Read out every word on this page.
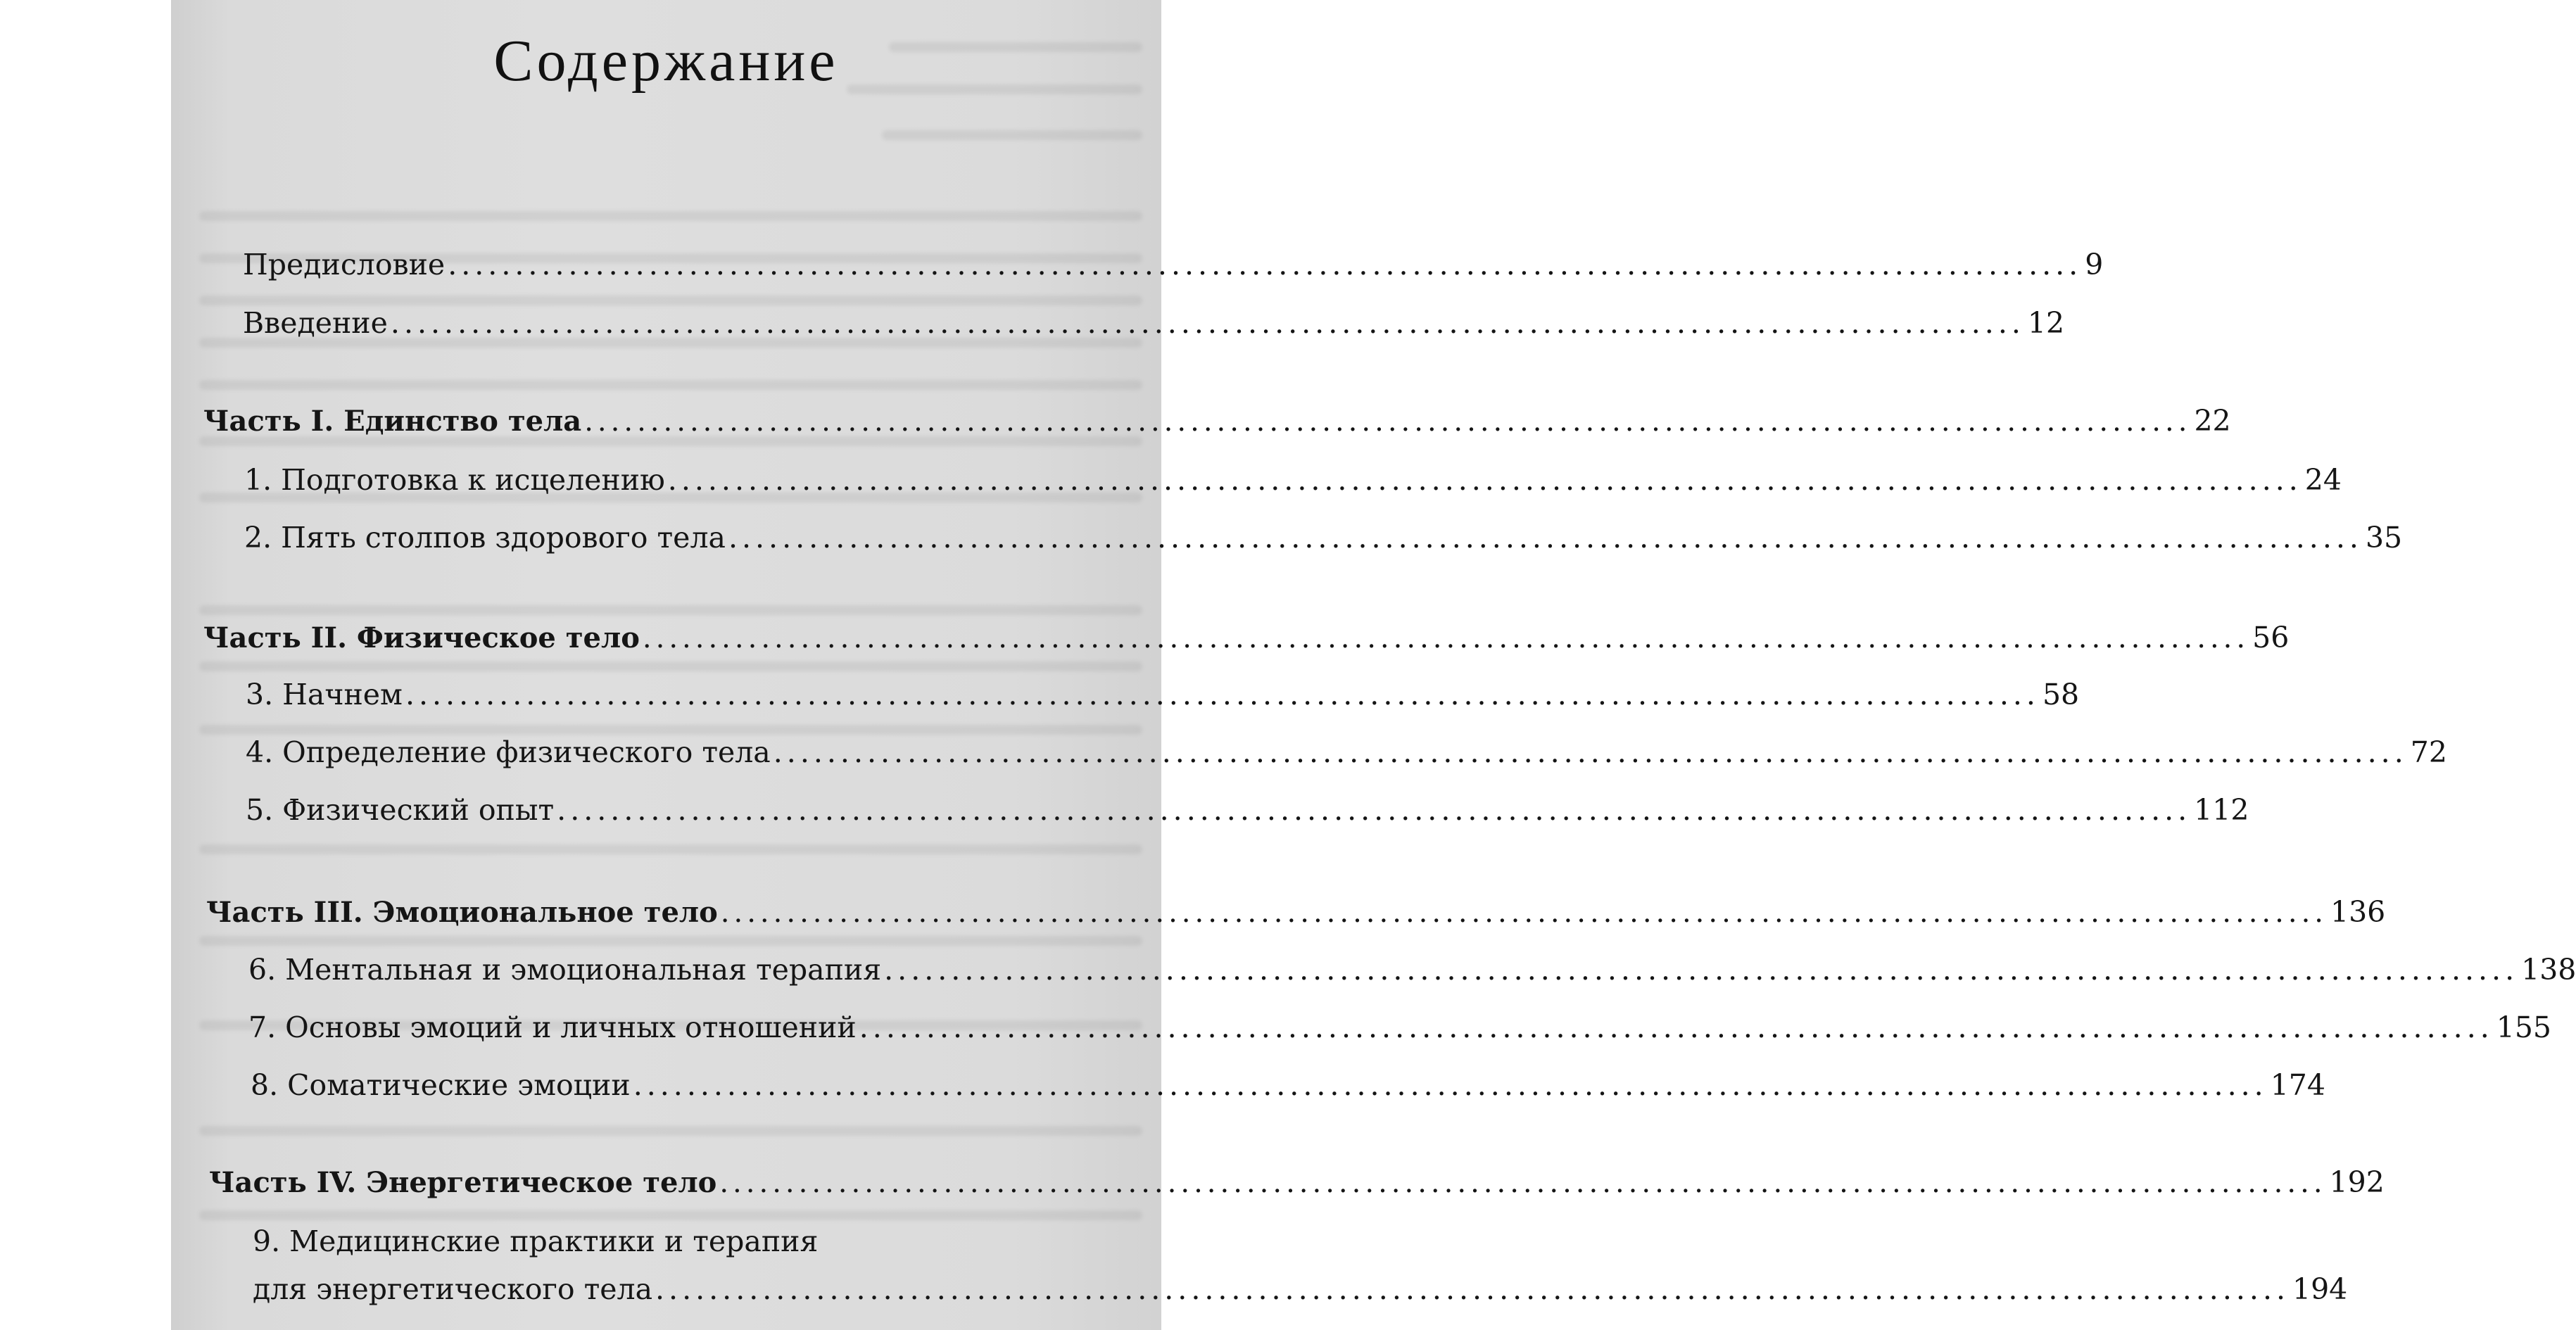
Содержание
Предисловие .......................................................................................................................... 9
Введение .......................................................................................................................... 12
Часть I. Единство тела .......................................................................................................................... 22
1. Подготовка к исцелению .......................................................................................................................... 24
2. Пять столпов здорового тела .......................................................................................................................... 35
Часть II. Физическое тело .......................................................................................................................... 56
3. Начнем .......................................................................................................................... 58
4. Определение физического тела .......................................................................................................................... 72
5. Физический опыт .......................................................................................................................... 112
Часть III. Эмоциональное тело .......................................................................................................................... 136
6. Ментальная и эмоциональная терапия .......................................................................................................................... 138
7. Основы эмоций и личных отношений .......................................................................................................................... 155
8. Соматические эмоции .......................................................................................................................... 174
Часть IV. Энергетическое тело .......................................................................................................................... 192
9. Медицинские практики и терапия
для энергетического тела .......................................................................................................................... 194
